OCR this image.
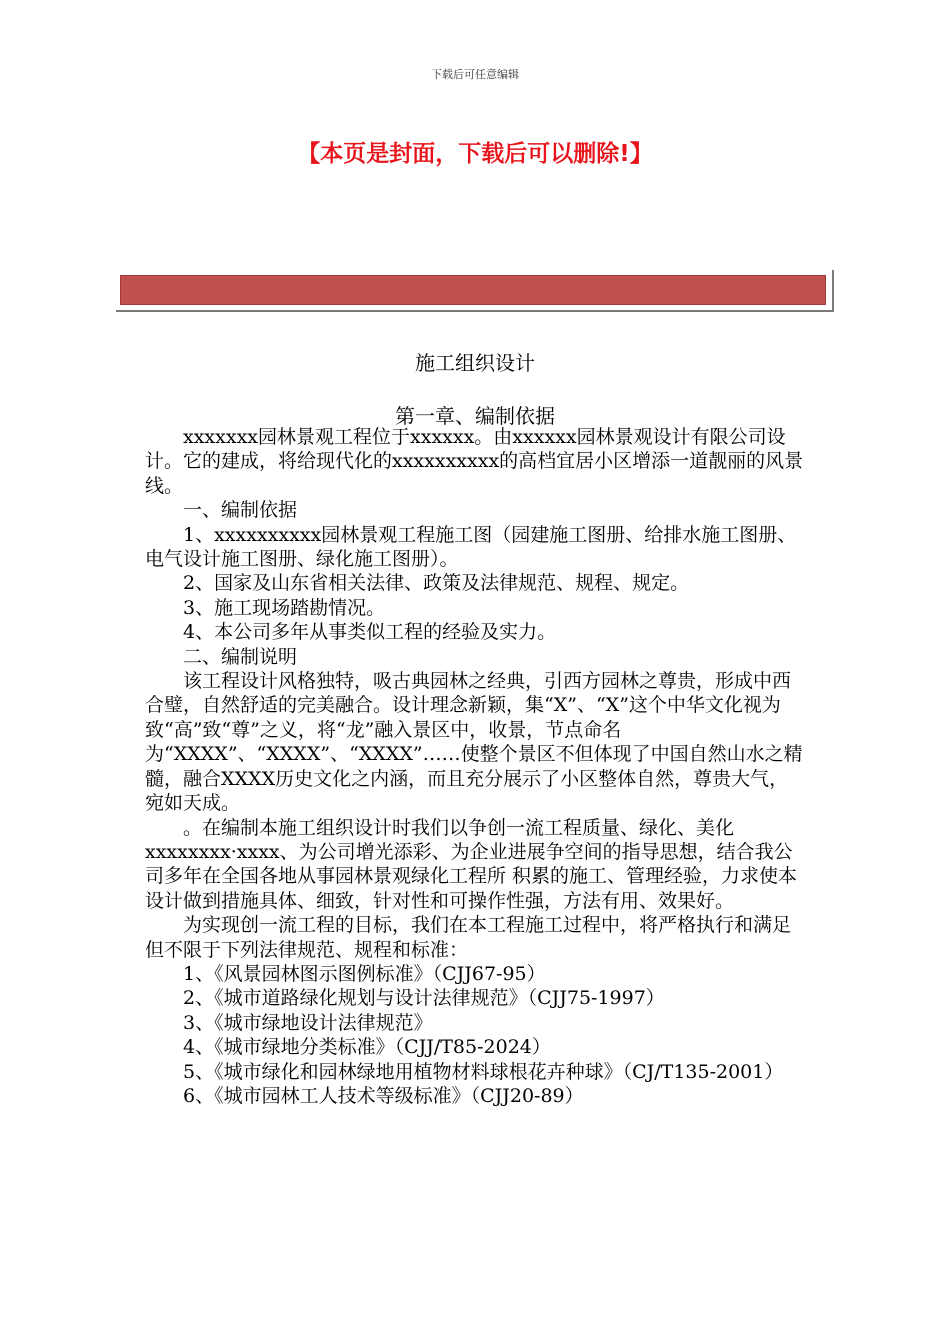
下载后可任意编辑
【本页是封面，下载后可以删除!】
施工组织设计
第一章、编制依据

xxxxxxx园林景观工程位于xxxxxx。由xxxxxx园林景观设计有限公司设计。它的建成，将给现代化的xxxxxxxxxx的高档宜居小区增添一道靓丽的风景线。

一、编制依据

1、xxxxxxxxxx园林景观工程施工图（园建施工图册、给排水施工图册、电气设计施工图册、绿化施工图册）。

2、国家及山东省相关法律、政策及法律规范、规程、规定。

3、施工现场踏勘情况。

4、本公司多年从事类似工程的经验及实力。

二、编制说明

该工程设计风格独特，吸古典园林之经典，引西方园林之尊贵，形成中西合璧，自然舒适的完美融合。设计理念新颖，集“X”、“X”这个中华文化视为致“高”致“尊”之义，将“龙”融入景区中，收景，节点命名为“XXXX”、“XXXX”、“XXXX”……使整个景区不但体现了中国自然山水之精髓，融合XXXX历史文化之内涵，而且充分展示了小区整体自然，尊贵大气，宛如天成。

。在编制本施工组织设计时我们以争创一流工程质量、绿化、美化xxxxxxxx·xxxx、为公司增光添彩、为企业进展争空间的指导思想，结合我公司多年在全国各地从事园林景观绿化工程所 积累的施工、管理经验，力求使本设计做到措施具体、细致，针对性和可操作性强，方法有用、效果好。

为实现创一流工程的目标，我们在本工程施工过程中，将严格执行和满足但不限于下列法律规范、规程和标准：

1、《风景园林图示图例标准》（CJJ67-95）

2、《城市道路绿化规划与设计法律规范》（CJJ75-1997）

3、《城市绿地设计法律规范》

4、《城市绿地分类标准》（CJJ/T85-2024）

5、《城市绿化和园林绿地用植物材料球根花卉种球》（CJ/T135-2001）

6、《城市园林工人技术等级标准》（CJJ20-89）
